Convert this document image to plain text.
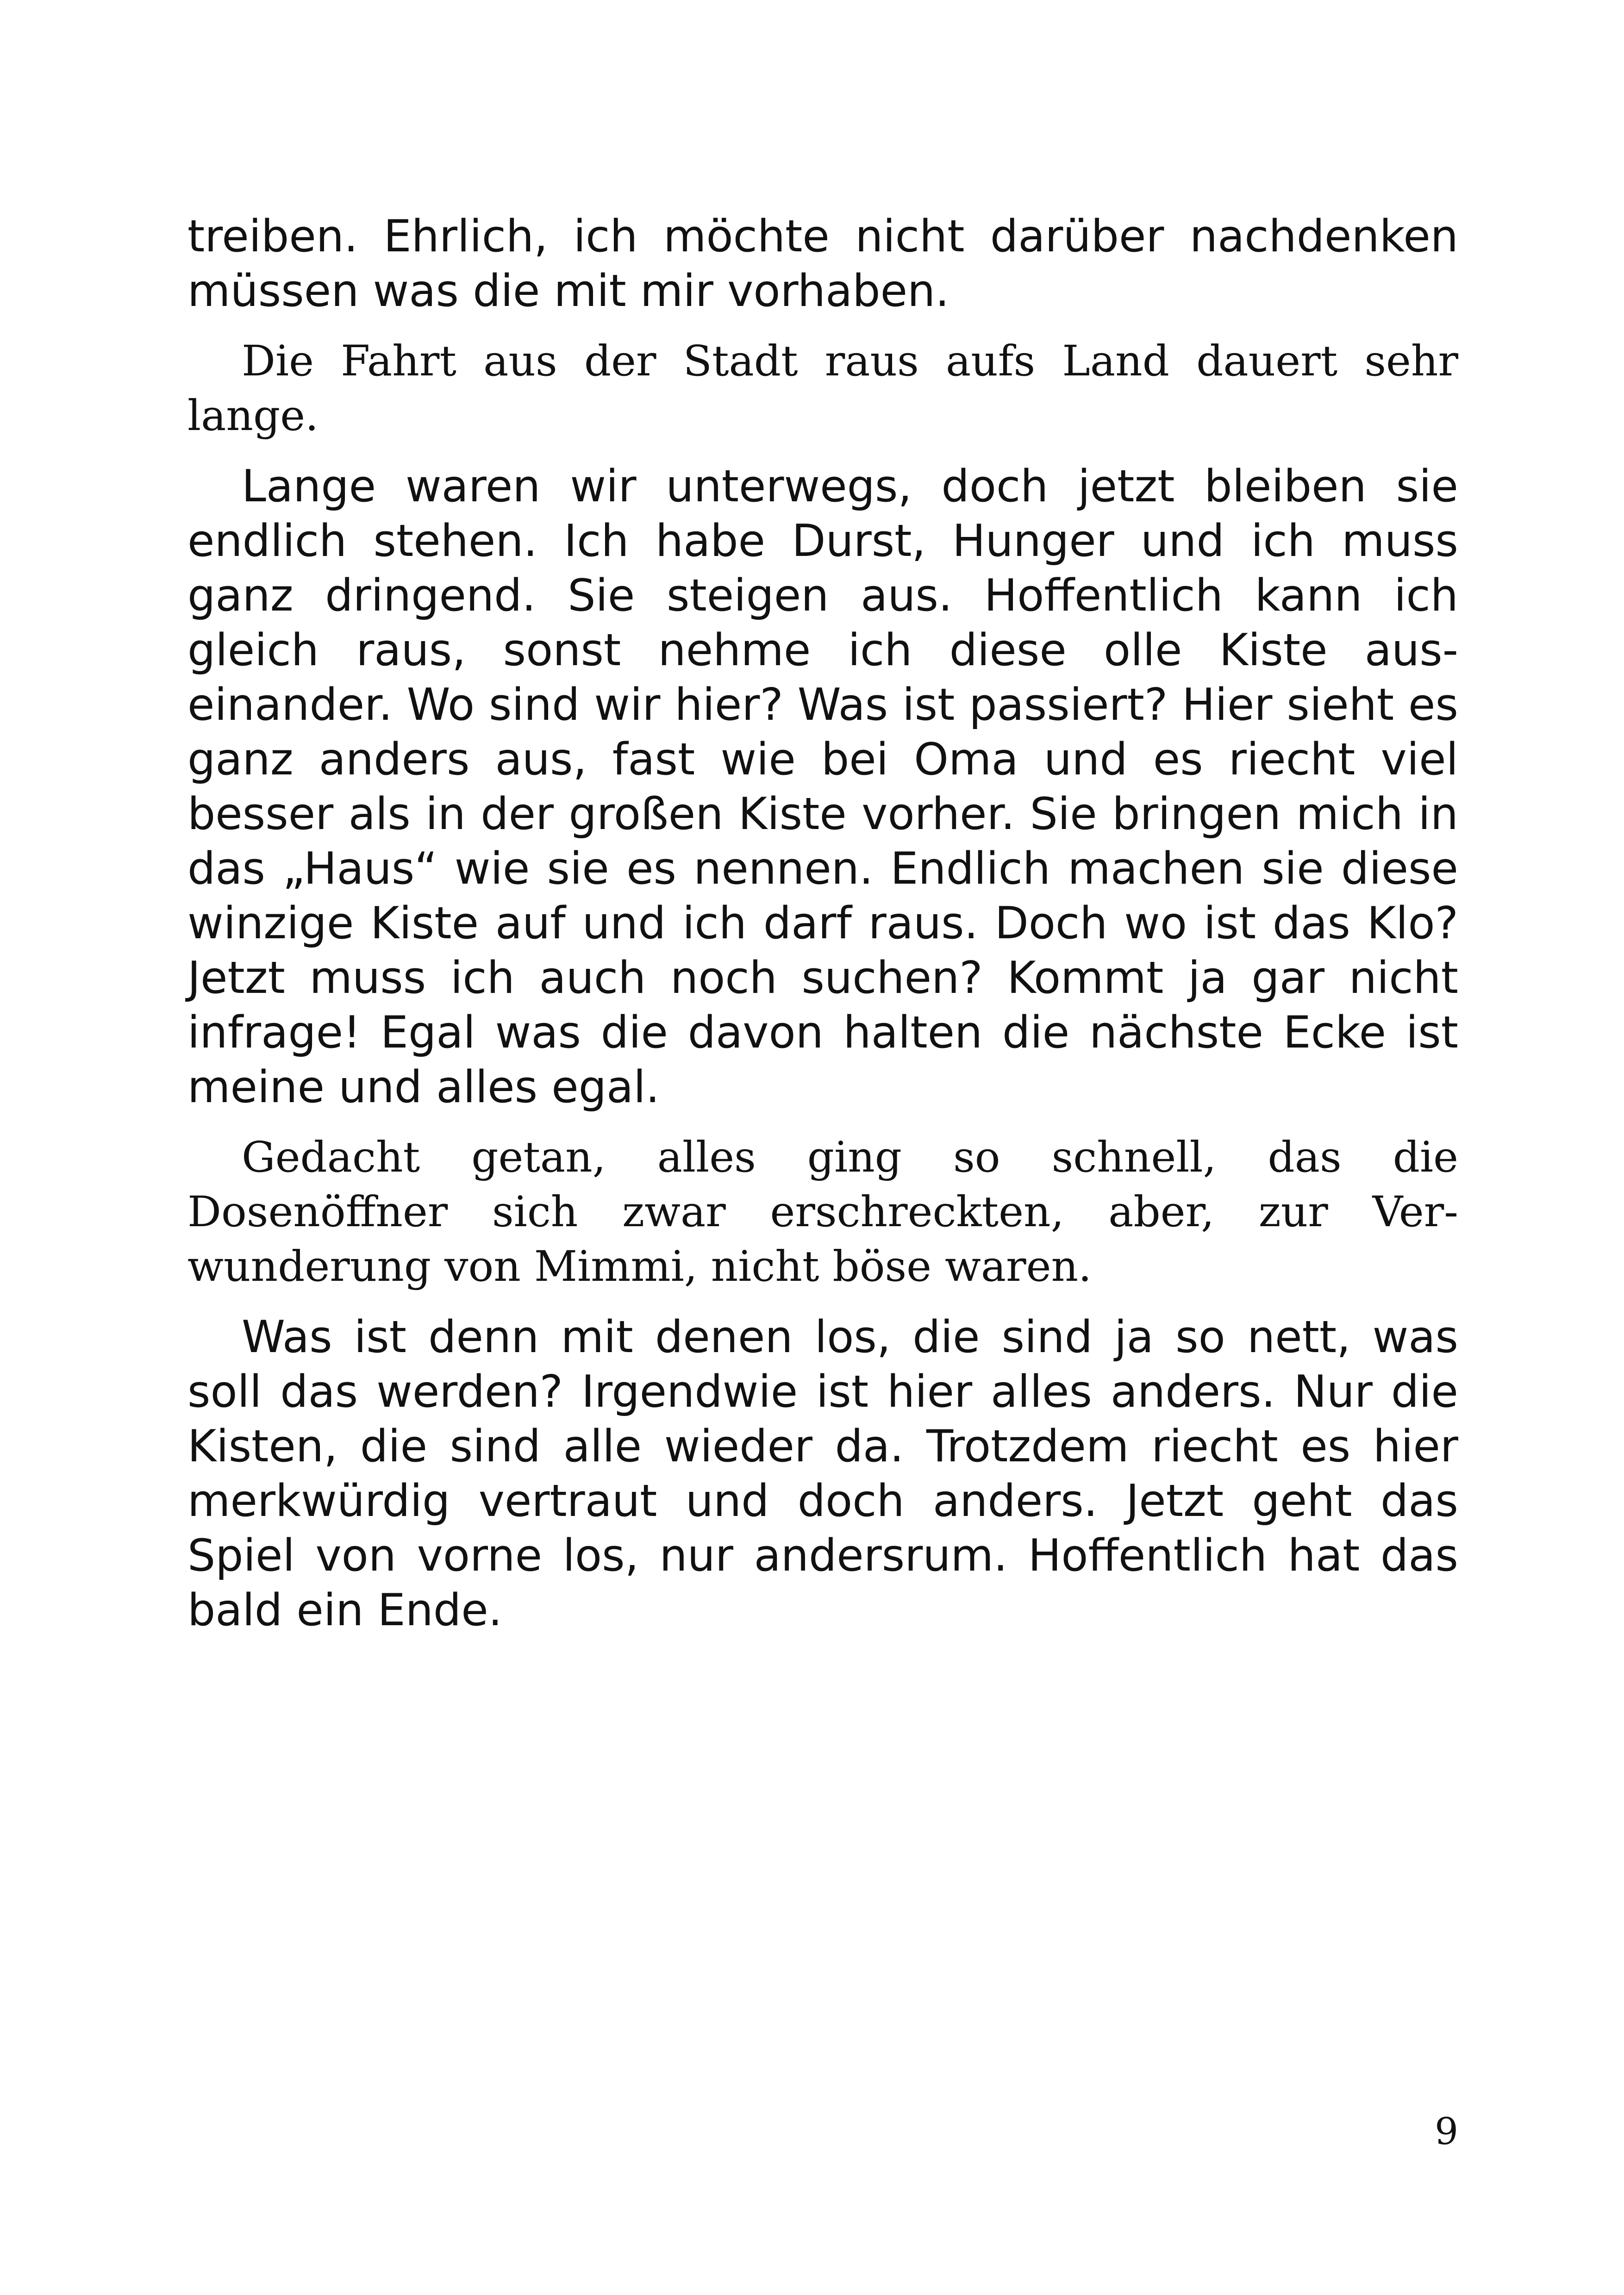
treiben. Ehrlich, ich möchte nicht darüber nachdenken müssen was die mit mir vorhaben.

Die Fahrt aus der Stadt raus aufs Land dauert sehr lange.

Lange waren wir unterwegs, doch jetzt bleiben sie endlich stehen. Ich habe Durst, Hunger und ich muss ganz dringend. Sie steigen aus. Hoffentlich kann ich gleich raus, sonst nehme ich diese olle Kiste auseinander. Wo sind wir hier? Was ist passiert? Hier sieht es ganz anders aus, fast wie bei Oma und es riecht viel besser als in der großen Kiste vorher. Sie bringen mich in das „Haus“ wie sie es nennen. Endlich machen sie diese winzige Kiste auf und ich darf raus. Doch wo ist das Klo? Jetzt muss ich auch noch suchen? Kommt ja gar nicht infrage! Egal was die davon halten die nächste Ecke ist meine und alles egal.

Gedacht getan, alles ging so schnell, das die Dosenöffner sich zwar erschreckten, aber, zur Verwunderung von Mimmi, nicht böse waren.

Was ist denn mit denen los, die sind ja so nett, was soll das werden? Irgendwie ist hier alles anders. Nur die Kisten, die sind alle wieder da. Trotzdem riecht es hier merkwürdig vertraut und doch anders. Jetzt geht das Spiel von vorne los, nur andersrum. Hoffentlich hat das bald ein Ende.

9
